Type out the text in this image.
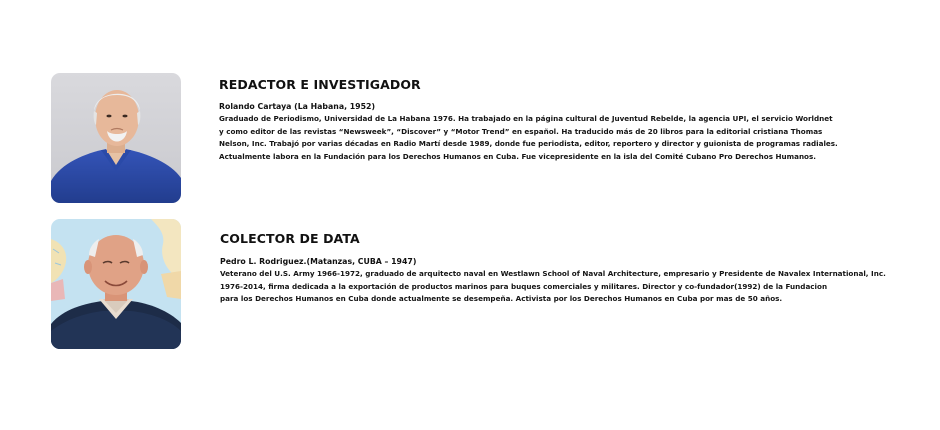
REDACTOR E INVESTIGADOR
Rolando Cartaya (La Habana, 1952)
Graduado de Periodismo, Universidad de La Habana 1976. Ha trabajado en la página cultural de Juventud Rebelde, la agencia UPI, el servicio Worldnet
y como editor de las revistas “Newsweek”, “Discover” y “Motor Trend” en español. Ha traducido más de 20 libros para la editorial cristiana Thomas
Nelson, Inc. Trabajó por varias décadas en Radio Martí desde 1989, donde fue periodista, editor, reportero y director y guionista de programas radiales.
Actualmente labora en la Fundación para los Derechos Humanos en Cuba. Fue vicepresidente en la isla del Comité Cubano Pro Derechos Humanos.
COLECTOR DE DATA
Pedro L. Rodriguez.(Matanzas, CUBA – 1947)
Veterano del U.S. Army 1966-1972, graduado de arquitecto naval en Westlawn School of Naval Architecture, empresario y Presidente de Navalex International, Inc.
1976-2014, firma dedicada a la exportación de productos marinos para buques comerciales y militares. Director y co-fundador(1992) de la Fundacion
para los Derechos Humanos en Cuba donde actualmente se desempeña. Activista por los Derechos Humanos en Cuba por mas de 50 años.
